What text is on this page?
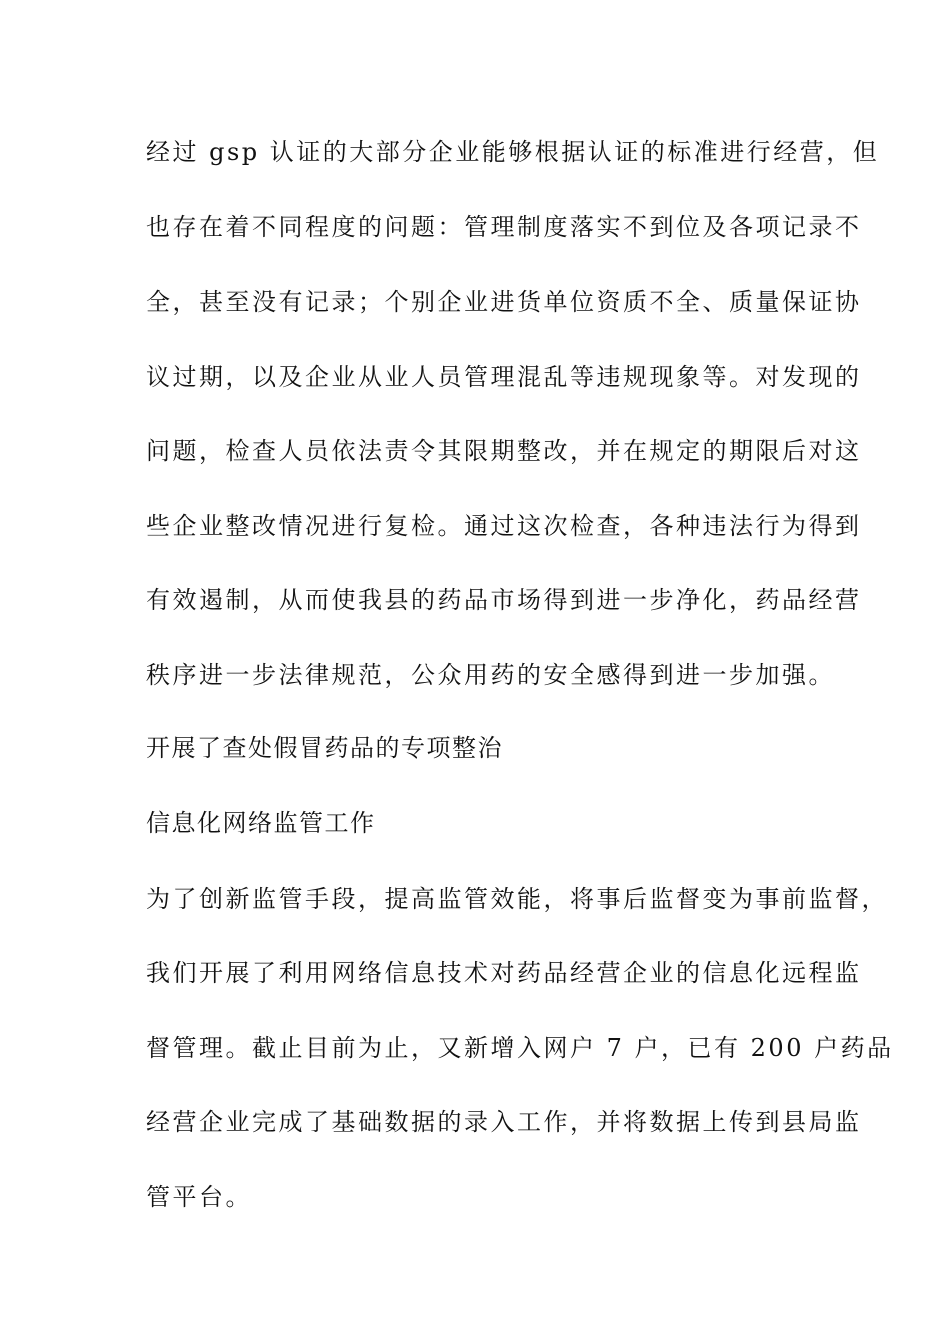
经过 gsp 认证的大部分企业能够根据认证的标准进行经营，但
也存在着不同程度的问题：管理制度落实不到位及各项记录不
全，甚至没有记录；个别企业进货单位资质不全、质量保证协
议过期，以及企业从业人员管理混乱等违规现象等。对发现的
问题，检查人员依法责令其限期整改，并在规定的期限后对这
些企业整改情况进行复检。通过这次检查，各种违法行为得到
有效遏制，从而使我县的药品市场得到进一步净化，药品经营
秩序进一步法律规范，公众用药的安全感得到进一步加强。
开展了查处假冒药品的专项整治
信息化网络监管工作
为了创新监管手段，提高监管效能，将事后监督变为事前监督，
我们开展了利用网络信息技术对药品经营企业的信息化远程监
督管理。截止目前为止，又新增入网户 7 户，已有 200 户药品
经营企业完成了基础数据的录入工作，并将数据上传到县局监
管平台。
